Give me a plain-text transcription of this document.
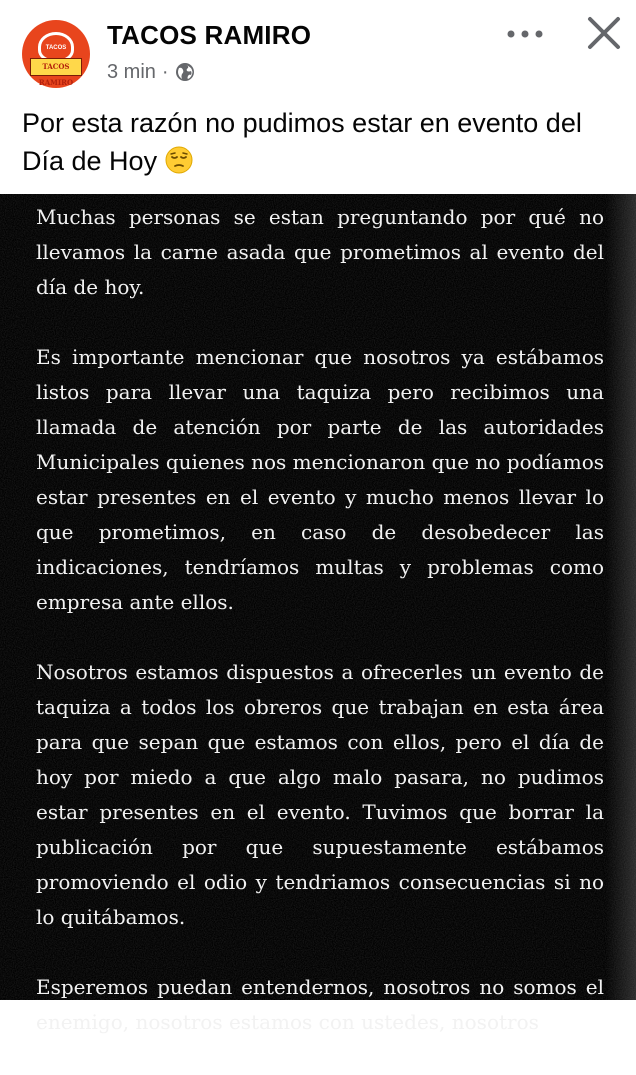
TACOS
TACOS RAMIRO
TACOS RAMIRO
3 min ·
Por esta razón no pudimos estar en evento del Día de Hoy

Muchas personas se estan preguntando por qué no llevamos la carne asada que prometimos al evento del día de hoy.

Es importante mencionar que nosotros ya estábamos listos para llevar una taquiza pero recibimos una llamada de atención por parte de las autoridades Municipales quienes nos mencionaron que no podíamos estar presentes en el evento y mucho menos llevar lo que prometimos, en caso de desobedecer las indicaciones, tendríamos multas y problemas como empresa ante ellos.

Nosotros estamos dispuestos a ofrecerles un evento de taquiza a todos los obreros que trabajan en esta área para que sepan que estamos con ellos, pero el día de hoy por miedo a que algo malo pasara, no pudimos estar presentes en el evento. Tuvimos que borrar la publicación por que supuestamente estábamos promoviendo el odio y tendriamos consecuencias si no lo quitábamos.

Esperemos puedan entendernos, nosotros no somos el enemigo, nosotros estamos con ustedes, nosotros
